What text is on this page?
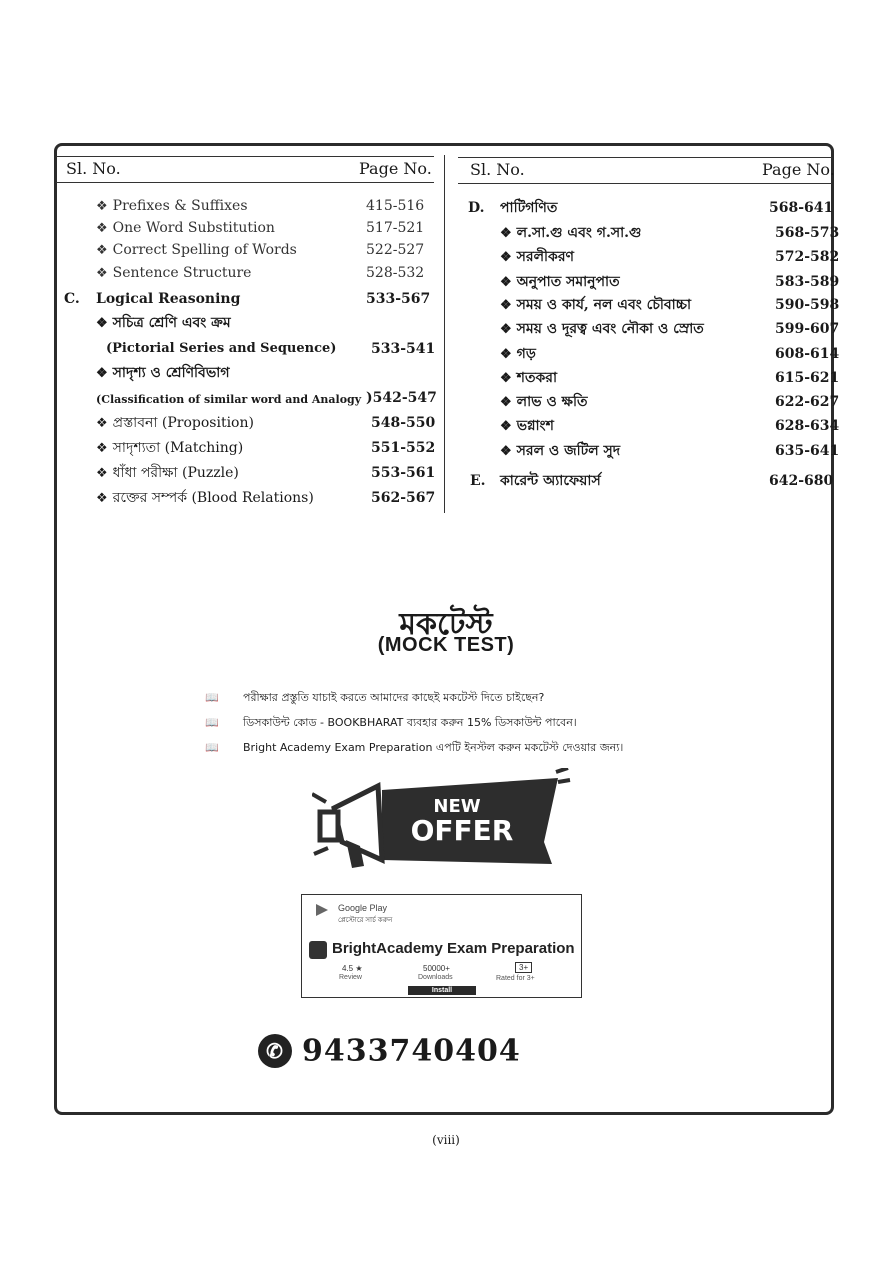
Sl. No.	Page No. Sl. No.	Page No.
❖ Prefixes & Suffixes	415-516
❖ One Word Substitution	517-521
❖ Correct Spelling of Words	522-527
❖ Sentence Structure	528-532
C. Logical Reasoning	533-567
❖ সচিত্র শ্রেণি এবং ক্রম
(Pictorial Series and Sequence) 533-541
❖ সাদৃশ্য ও শ্রেণিবিভাগ
(Classification of similar word and Analogy )542-547
❖ প্রস্তাবনা (Proposition)	548-550
❖ সাদৃশ্যতা (Matching)	551-552
❖ ধাঁধা পরীক্ষা (Puzzle)	553-561
❖ রক্তের সম্পর্ক (Blood Relations)	562-567
D. পাটিগণিত	568-641
❖ ল.সা.গু এবং গ.সা.গু	568-573
❖ সরলীকরণ	572-582
❖ অনুপাত সমানুপাত	583-589
❖ সময় ও কার্য, নল এবং চৌবাচ্চা	590-598
❖ সময় ও দূরত্ব এবং নৌকা ও স্রোত	599-607
❖ গড়	608-614
❖ শতকরা	615-621
❖ লাভ ও ক্ষতি	622-627
❖ ভগ্নাংশ	628-634
❖ সরল ও জটিল সুদ	635-641
E. কারেন্ট অ্যাফেয়ার্স	642-680
মকটেস্ট
(MOCK TEST)
📖 পরীক্ষার প্রস্তুতি যাচাই করতে আমাদের কাছেই মকটেস্ট দিতে চাইছেন?
📖 ডিসকাউন্ট কোড - BOOKBHARAT ব্যবহার করুন 15% ডিসকাউন্ট পাবেন।
📖 Bright Academy Exam Preparation এপটি ইনস্টল করুন মকটেস্ট দেওয়ার জন্য।
NEW
OFFER
Google Play
প্লেস্টোরে সার্চ করুন
BrightAcademy Exam Preparation
4.5 ★
Review
50000+
Downloads
3+
Rated for 3+
Install
✆ 9433740404
(viii)
